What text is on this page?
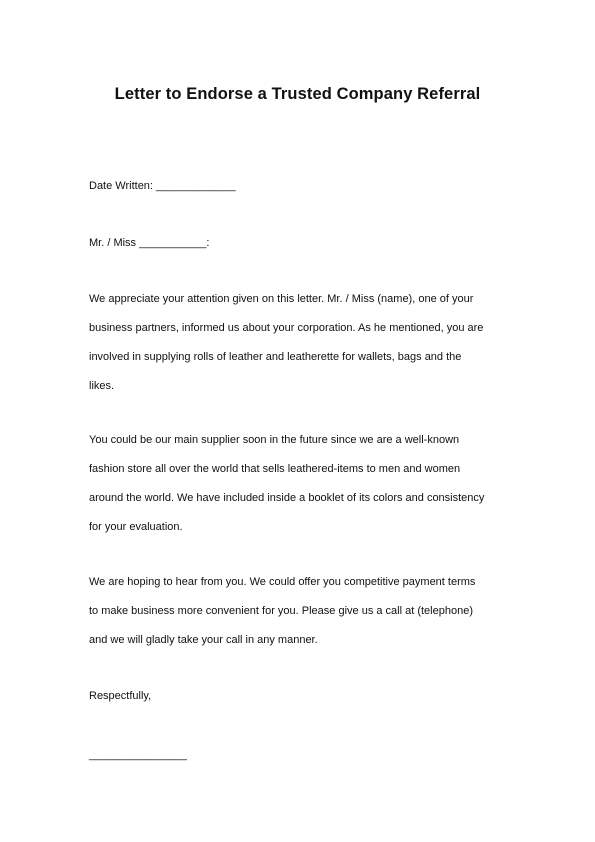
Letter to Endorse a Trusted Company Referral
Date Written: _____________
Mr. / Miss ___________:
We appreciate your attention given on this letter. Mr. / Miss (name), one of your
business partners, informed us about your corporation. As he mentioned, you are
involved in supplying rolls of leather and leatherette for wallets, bags and the
likes.
You could be our main supplier soon in the future since we are a well-known
fashion store all over the world that sells leathered-items to men and women
around the world. We have included inside a booklet of its colors and consistency
for your evaluation.
We are hoping to hear from you. We could offer you competitive payment terms
to make business more convenient for you. Please give us a call at (telephone)
and we will gladly take your call in any manner.
Respectfully,
________________
